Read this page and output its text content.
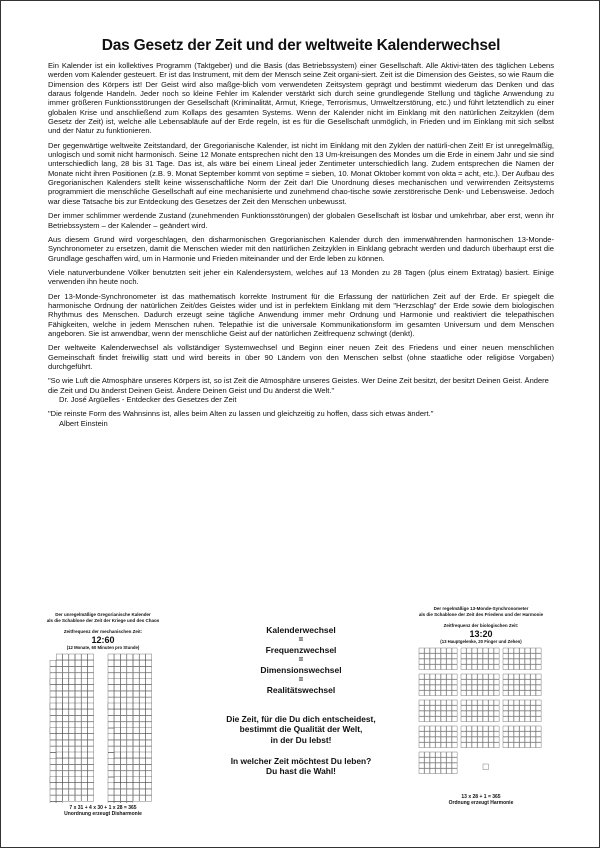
Das Gesetz der Zeit und der weltweite Kalenderwechsel

Ein Kalender ist ein kollektives Programm (Taktgeber) und die Basis (das Betriebssystem) einer Gesellschaft. Alle Aktivi-täten des täglichen Lebens werden vom Kalender gesteuert. Er ist das Instrument, mit dem der Mensch seine Zeit organi-siert. Zeit ist die Dimension des Geistes, so wie Raum die Dimension des Körpers ist! Der Geist wird also maßge-blich vom verwendeten Zeitsystem geprägt und bestimmt wiederum das Denken und das daraus folgende Handeln. Jeder noch so kleine Fehler im Kalender verstärkt sich durch seine grundlegende Stellung und tägliche Anwendung zu immer größeren Funktionsstörungen der Gesellschaft (Kriminalität, Armut, Kriege, Terrorismus, Umweltzerstörung, etc.) und führt letztendlich zu einer globalen Krise und anschließend zum Kollaps des gesamten Systems. Wenn der Kalender nicht im Einklang mit den natürlichen Zeitzyklen (dem Gesetz der Zeit) ist, welche alle Lebensabläufe auf der Erde regeln, ist es für die Gesellschaft unmöglich, in Frieden und im Einklang mit sich selbst und der Natur zu funktionieren.

Der gegenwärtige weltweite Zeitstandard, der Gregorianische Kalender, ist nicht im Einklang mit den Zyklen der natürli-chen Zeit! Er ist unregelmäßig, unlogisch und somit nicht harmonisch. Seine 12 Monate entsprechen nicht den 13 Um-kreisungen des Mondes um die Erde in einem Jahr und sie sind unterschiedlich lang, 28 bis 31 Tage. Das ist, als wäre bei einem Lineal jeder Zentimeter unterschiedlich lang. Zudem entsprechen die Namen der Monate nicht ihren Positionen (z.B. 9. Monat September kommt von septime = sieben, 10. Monat Oktober kommt von okta = acht, etc.). Der Aufbau des Gregorianischen Kalenders stellt keine wissenschaftliche Norm der Zeit dar! Die Unordnung dieses mechanischen und verwirrenden Zeitsystems programmiert die menschliche Gesellschaft auf eine mechanisierte und zunehmend chao-tische sowie zerstörerische Denk- und Lebensweise. Jedoch war diese Tatsache bis zur Entdeckung des Gesetzes der Zeit den Menschen unbewusst.

Der immer schlimmer werdende Zustand (zunehmenden Funktionsstörungen) der globalen Gesellschaft ist lösbar und umkehrbar, aber erst, wenn ihr Betriebssystem – der Kalender – geändert wird.

Aus diesem Grund wird vorgeschlagen, den disharmonischen Gregorianischen Kalender durch den immerwährenden harmonischen 13-Monde-Synchronometer zu ersetzen, damit die Menschen wieder mit den natürlichen Zeitzyklen in Einklang gebracht werden und dadurch überhaupt erst die Grundlage geschaffen wird, um in Harmonie und Frieden miteinander und der Erde leben zu können.

Viele naturverbundene Völker benutzten seit jeher ein Kalendersystem, welches auf 13 Monden zu 28 Tagen (plus einem Extratag) basiert. Einige verwenden ihn heute noch.

Der 13-Monde-Synchronometer ist das mathematisch korrekte Instrument für die Erfassung der natürlichen Zeit auf der Erde. Er spiegelt die harmonische Ordnung der natürlichen Zeit/des Geistes wider und ist in perfektem Einklang mit dem "Herzschlag" der Erde sowie dem biologischen Rhythmus des Menschen. Dadurch erzeugt seine tägliche Anwendung immer mehr Ordnung und Harmonie und reaktiviert die telepathischen Fähigkeiten, welche in jedem Menschen ruhen. Telepathie ist die universale Kommunikationsform im gesamten Universum und dem Menschen angeboren. Sie ist anwendbar, wenn der menschliche Geist auf der natürlichen Zeitfrequenz schwingt (denkt).

Der weltweite Kalenderwechsel als vollständiger Systemwechsel und Beginn einer neuen Zeit des Friedens und einer neuen menschlichen Gemeinschaft findet freiwillig statt und wird bereits in über 90 Ländern von den Menschen selbst (ohne staatliche oder religiöse Vorgaben) durchgeführt.

"So wie Luft die Atmosphäre unseres Körpers ist, so ist Zeit die Atmosphäre unseres Geistes. Wer Deine Zeit besitzt, der besitzt Deinen Geist. Ändere die Zeit und Du änderst Deinen Geist. Ändere Deinen Geist und Du änderst die Welt."

Dr. José Argüelles - Entdecker des Gesetzes der Zeit

"Die reinste Form des Wahnsinns ist, alles beim Alten zu lassen und gleichzeitig zu hoffen, dass sich etwas ändert."

Albert Einstein

Der unregelmäßige Gregorianische Kalender
als die Schablone der Zeit der Kriege und des Chaos
Zeitfrequenz der mechanischen Zeit:
12:60
(12 Monate, 60 Minuten pro Stunde)
7 x 31 + 4 x 30 + 1 x 28 = 365
Unordnung erzeugt Disharmonie
Kalenderwechsel
=
Frequenzwechsel
=
Dimensionswechsel
=
Realitätswechsel
Die Zeit, für die Du dich entscheidest,
bestimmt die Qualität der Welt,
in der Du lebst!
In welcher Zeit möchtest Du leben?
Du hast die Wahl!
Der regelmäßige 13-Monde-Synchronometer
als die Schablone der Zeit des Friedens und der Harmonie
Zeitfrequenz der biologischen Zeit:
13:20
(13 Hauptgelenke, 20 Finger und Zehen)
13 x 28 + 1 = 365
Ordnung erzeugt Harmonie
